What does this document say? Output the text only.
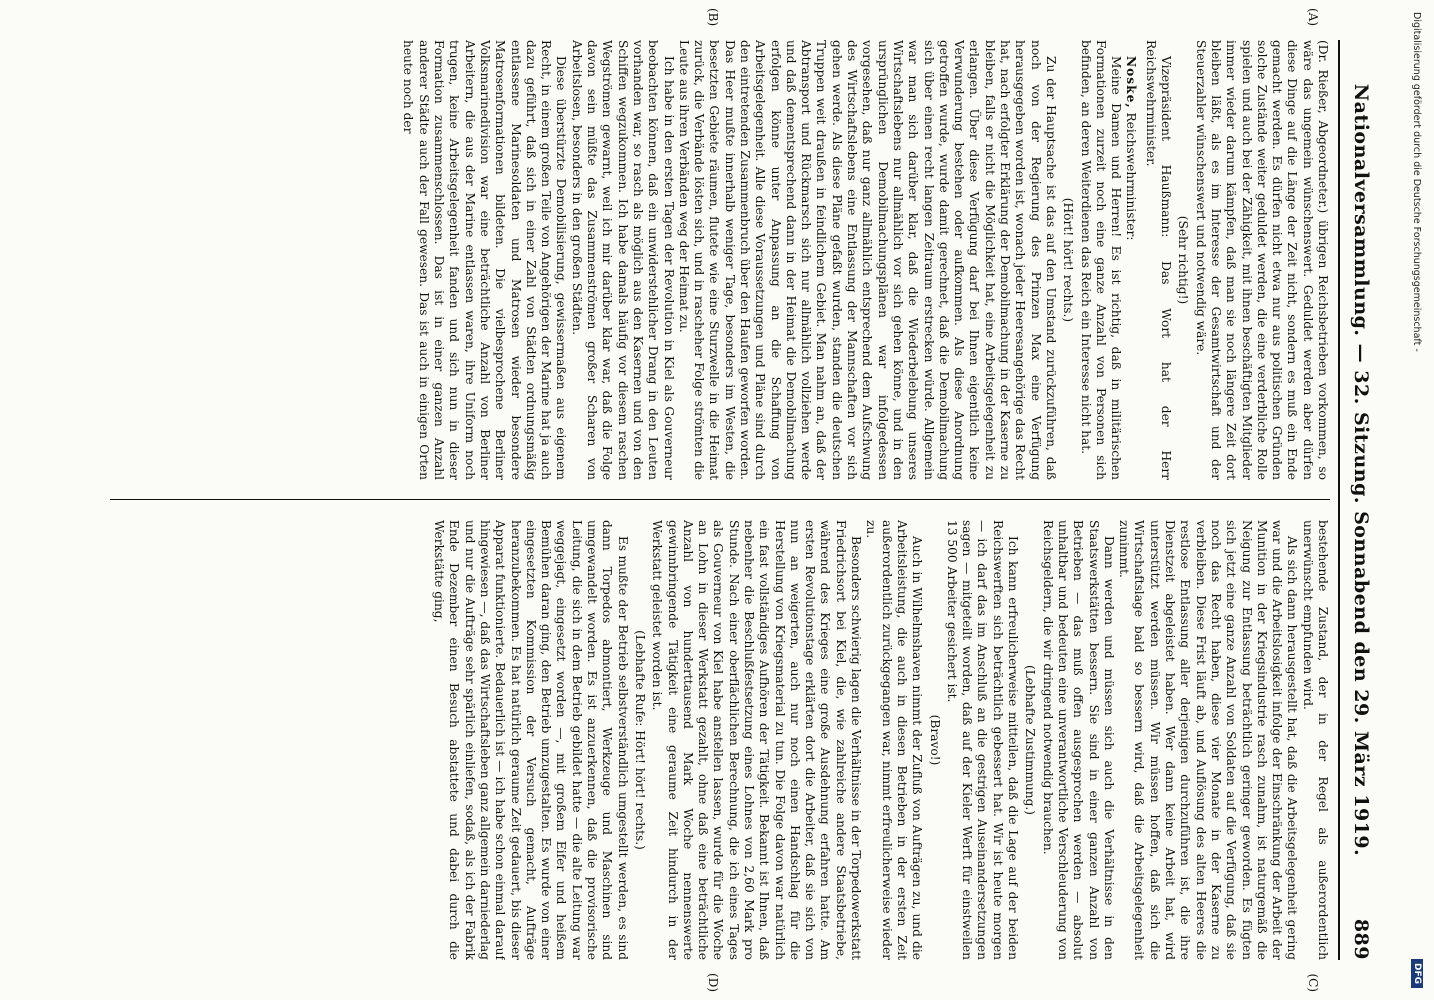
Nationalversammlung. — 32. Sitzung. Sonnabend den 29. März 1919.
889
(A)
(B)
(C)
(D)

(Dr. Rießer, Abgeordneter.) übrigen Reichsbetrieben vorkommen, so wäre das ungemein wünschenswert. Geduldet werden aber dürfen diese Dinge auf die Länge der Zeit nicht, sondern es muß ein Ende gemacht werden. Es dürfen nicht etwa nur aus politischen Gründen solche Zustände weiter geduldet werden, die eine verderbliche Rolle spielen und auch bei der Zähigkeit, mit ihnen beschäftigten Mitglieder immer wieder darum kämpfen, daß man sie noch längere Zeit dort bleiben läßt, als es im Interesse der Gesamtwirtschaft und der Steuerzahler wünschenswert und notwendig wäre.

(Sehr richtig!)

Vizepräsident Haußmann: Das Wort hat der Herr Reichswehrminister.

Noske, Reichswehrminister:

Meine Damen und Herren! Es ist richtig, daß in militärischen Formationen zurzeit noch eine ganze Anzahl von Personen sich befinden, an deren Weiterdienen das Reich ein Interesse nicht hat.

(Hört! hört! rechts.)

Zu der Hauptsache ist das auf den Umstand zurückzuführen, daß noch von der Regierung des Prinzen Max eine Verfügung herausgegeben worden ist, wonach jeder Heeresangehörige das Recht hat, nach erfolgter Erklärung der Demobilmachung in der Kaserne zu bleiben, falls er nicht die Möglichkeit hat, eine Arbeitsgelegenheit zu erlangen. Über diese Verfügung darf bei Ihnen eigentlich keine Verwunderung bestehen oder aufkommen. Als diese Anordnung getroffen wurde, wurde damit gerechnet, daß die Demobilmachung sich über einen recht langen Zeitraum erstrecken würde. Allgemein war man sich darüber klar, daß die Wiederbelebung unseres Wirtschaftslebens nur allmählich vor sich gehen könne, und in den ursprünglichen Demobilmachungsplänen war infolgedessen vorgesehen, daß nur ganz allmählich entsprechend dem Aufschwung des Wirtschaftslebens eine Entlassung der Mannschaften vor sich gehen werde. Als diese Pläne gefaßt wurden, standen die deutschen Truppen weit draußen in feindlichem Gebiet. Man nahm an, daß der Abtransport und Rückmarsch sich nur allmählich vollziehen werde und daß dementsprechend dann in der Heimat die Demobilmachung erfolgen könne unter Anpassung an die Schaffung von Arbeitsgelegenheit. Alle diese Voraussetzungen und Pläne sind durch den eintretenden Zusammenbruch über den Haufen geworfen worden. Das Heer mußte innerhalb weniger Tage, besonders im Westen, die besetzten Gebiete räumen, flutete wie eine Sturzwelle in die Heimat zurück, die Verbände lösten sich, und in rascheher Folge strömten die Leute aus ihren Verbänden weg der Heimat zu.

Ich habe in den ersten Tagen der Revolution in Kiel als Gouverneur beobachten können, daß ein unwiderstehlicher Drang in den Leuten vorhanden war, so rasch als möglich aus den Kasernen und von den Schiffen wegzukommen. Ich habe damals häufig vor diesem raschen Wegströmen gewarnt, weil ich mir darüber klar war, daß die Folge davon sein müßte das Zusammenströmen großer Scharen von Arbeitslosen, besonders in den großen Städten.

Diese überstürzte Demobilisierung, gewissermaßen aus eigenem Recht, in einem großen Teile von Angehörigen der Marine hat ja auch dazu geführt, daß sich in einer Zahl von Städten ordnungsmäßig entlassene Marinesoldaten und Matrosen wieder besondere Matrosenformationen bildeten. Die vielbesprochene Berliner Volksmarinedivision war eine beträchtliche Anzahl von Berliner Arbeitern, die aus der Marine entlassen waren, ihre Uniform noch trugen, keine Arbeitsgelegenheit fanden und sich nun in dieser Formation zusammenschlossen. Das ist in einer ganzen Anzahl anderer Städte auch der Fall gewesen. Das ist auch in einigen Orten heute noch der

bestehende Zustand, der in der Regel als außerordentlich unerwünscht empfunden wird.

Als sich dann herausgestellt hat, daß die Arbeitsgelegenheit gering war und die Arbeitslosigkeit infolge der Einschränkung der Arbeit der Munition in der Kriegsindustrie rasch zunahm, ist naturgemäß die Neigung zur Entlassung beträchtlich geringer geworden. Es fügten sich jetzt eine ganze Anzahl von Soldaten auf die Verfügung, daß sie noch das Recht haben, diese vier Monate in der Kaserne zu verbleiben. Diese Frist läuft ab, und Auflösung des alten Heeres die restlose Entlassung aller derjenigen durchzuführen ist, die ihre Dienstzeit abgeleistet haben. Wer dann keine Arbeit hat, wird unterstützt werden müssen. Wir müssen hoffen, daß sich die Wirtschaftslage bald so bessern wird, daß die Arbeitsgelegenheit zunimmt.

Dann werden und müssen sich auch die Verhältnisse in den Staatswerkstätten bessern. Sie sind in einer ganzen Anzahl von Betrieben — das muß offen ausgesprochen werden — absolut unhaltbar und bedeuten eine unverantwortliche Verschleuderung von Reichsgeldern, die wir dringend notwendig brauchen.

(Lebhafte Zustimmung.)

Ich kann erfreulicherweise mitteilen, daß die Lage auf der beiden Reichswerften sich beträchtlich gebessert hat. Wir ist heute morgen — ich darf das im Anschluß an die gestrigen Auseinandersetzungen sagen — mitgeteilt worden, daß auf der Kieler Werft für einstweilen 13 500 Arbeiter gesichert ist.

(Bravo!)

Auch in Wilhelmshaven nimmt der Zufluß von Aufträgen zu, und die Arbeitsleistung, die auch in diesen Betrieben in der ersten Zeit außerordentlich zurückgegangen war, nimmt erfreulicherweise wieder zu.

Besonders schwierig lagen die Verhältnisse in der Torpedowerkstatt Friedrichsort bei Kiel, die, wie zahlreiche andere Staatsbetriebe, während des Krieges eine große Ausdehnung erfahren hatte. Am ersten Revolutionstage erklärten dort die Arbeiter, daß sie sich von nun an weigerten, auch nur noch einen Handschlag für die Herstellung von Kriegsmaterial zu tun. Die Folge davon war natürlich ein fast vollständiges Aufhören der Tätigkeit. Bekannt ist Ihnen, daß nebenher die Beschlußfestsetzung eines Lohnes von 2,60 Mark pro Stunde. Nach einer oberflächlichen Berechnung, die ich eines Tages als Gouverneur von Kiel habe anstellen lassen, wurde für die Woche an Lohn in dieser Werkstatt gezahlt, ohne daß eine beträchtliche Anzahl von hunderttausend Mark Woche nennenswerte gewinnbringende Tätigkeit eine geraume Zeit hindurch in der Werkstatt geleistet worden ist.

(Lebhafte Rufe: Hört! hört! rechts.)

Es mußte der Betrieb selbstverständlich umgestellt werden, es sind dann Torpedos abmontiert, Werkzeuge und Maschinen sind umgewandelt worden. Es ist anzuerkennen, daß die provisorische Leitung, die sich in dem Betrieb gebildet hatte — die alte Leitung war weggejagt, eingesetzt worden —, mit großem Eifer und heißem Bemühen daran ging, den Betrieb umzugestalten. Es wurde von einer eingesetzten Kommission der Versuch gemacht, Aufträge heranzubekommen. Es hat natürlich geraume Zeit gedauert, bis dieser Apparat funktionierte. Bedauerlich ist — ich habe schon einmal darauf hingewiesen —, daß das Wirtschaftsleben ganz allgemein darniederlag und nur die Aufträge sehr spärlich einliefen, sodaß, als ich der Fabrik Ende Dezember einen Besuch abstattete und dabei durch die Werkstätte ging,

Digitalisierung gefördert durch die Deutsche Forschungsgemeinschaft -
DFG
